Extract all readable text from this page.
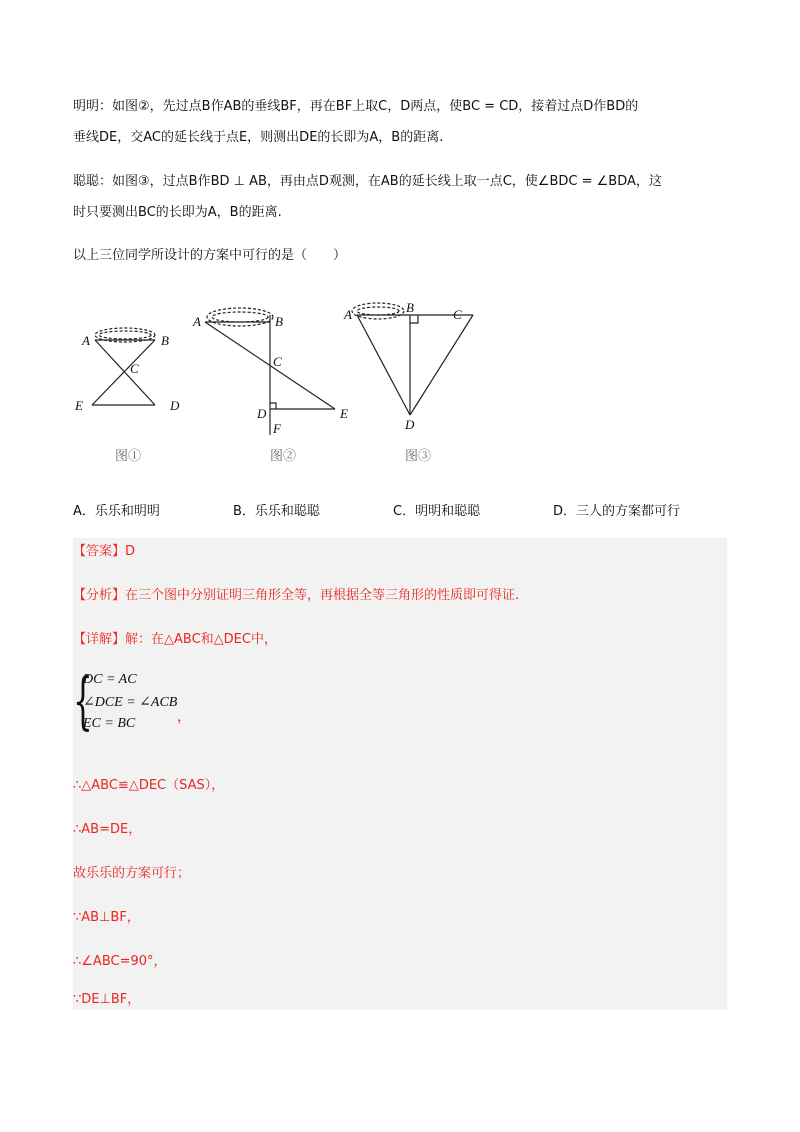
明明：如图②，先过点B作AB的垂线BF，再在BF上取C，D两点，使BC = CD，接着过点D作BD的
垂线DE，交AC的延长线于点E，则测出DE的长即为A，B的距离.
聪聪：如图③，过点B作BD ⊥ AB，再由点D观测，在AB的延长线上取一点C，使∠BDC = ∠BDA，这
时只要测出BC的长即为A，B的距离.
以上三位同学所设计的方案中可行的是（　　）
A	B
C
E	D
图①
A	B
C
D	E
F
图②
A	B	C
D
图③
A．乐乐和明明	B．乐乐和聪聪	C．明明和聪聪	D．三人的方案都可行
【答案】D
【分析】在三个图中分别证明三角形全等，再根据全等三角形的性质即可得证.
【详解】解：在△ABC和△DEC中，
{
DC = AC
∠DCE = ∠ACB
EC = BC	，
∴△ABC≌△DEC（SAS），
∴AB=DE，
故乐乐的方案可行；
∵AB⊥BF，
∴∠ABC=90°，
∵DE⊥BF，
